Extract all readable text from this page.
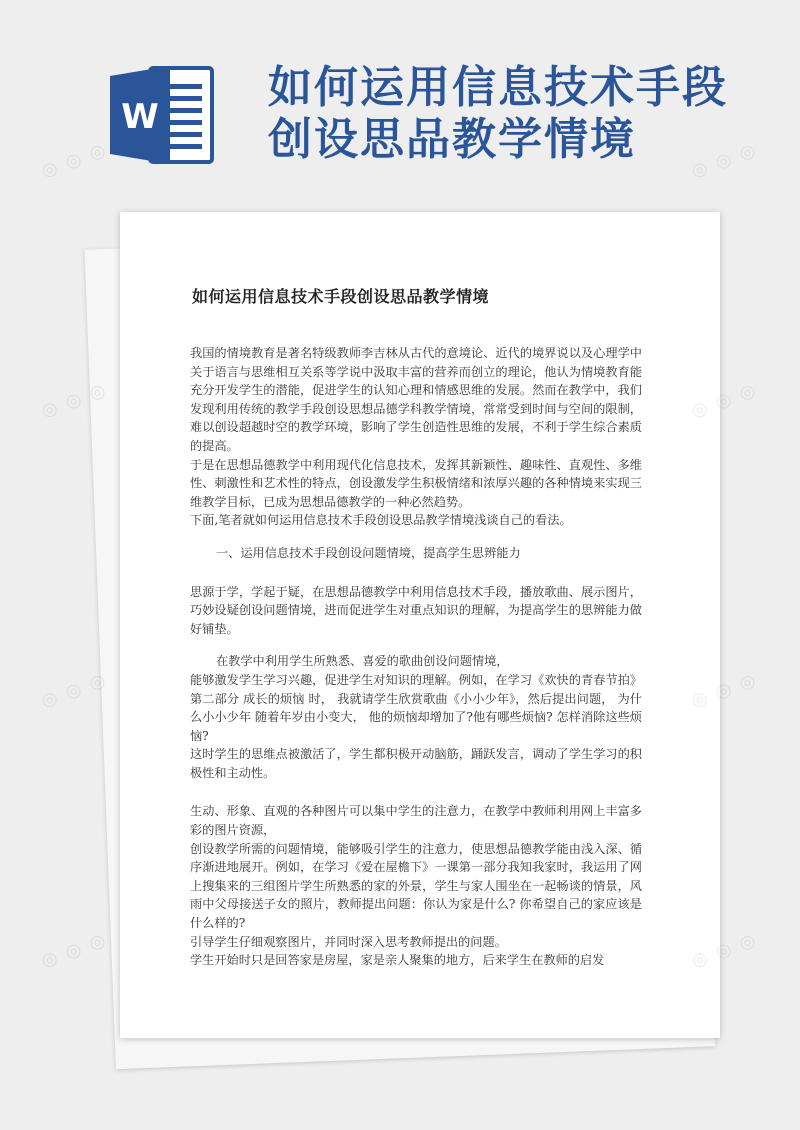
W
如何运用信息技术手段
创设思品教学情境
如何运用信息技术手段创设思品教学情境

我国的情境教育是著名特级教师李吉林从古代的意境论、近代的境界说以及心理学中关于语言与思维相互关系等学说中汲取丰富的营养而创立的理论，他认为情境教育能充分开发学生的潜能，促进学生的认知心理和情感思维的发展。然而在教学中，我们发现利用传统的教学手段创设思想品德学科教学情境，常常受到时间与空间的限制，难以创设超越时空的教学环境，影响了学生创造性思维的发展，不利于学生综合素质的提高。

于是在思想品德教学中利用现代化信息技术，发挥其新颖性、趣味性、直观性、多维性、刺激性和艺术性的特点，创设激发学生积极情绪和浓厚兴趣的各种情境来实现三维教学目标，已成为思想品德教学的一种必然趋势。

下面,笔者就如何运用信息技术手段创设思品教学情境浅谈自己的看法。

一、运用信息技术手段创设问题情境，提高学生思辨能力

思源于学，学起于疑，在思想品德教学中利用信息技术手段，播放歌曲、展示图片，巧妙设疑创设问题情境，进而促进学生对重点知识的理解，为提高学生的思辨能力做好铺垫。

在教学中利用学生所熟悉、喜爱的歌曲创设问题情境，

能够激发学生学习兴趣，促进学生对知识的理解。例如，在学习《欢快的青春节拍》第二部分 成长的烦恼 时， 我就请学生欣赏歌曲《小小少年》，然后提出问题， 为什么小小少年 随着年岁由小变大， 他的烦恼却增加了?他有哪些烦恼? 怎样消除这些烦恼?

这时学生的思维点被激活了，学生都积极开动脑筋，踊跃发言，调动了学生学习的积极性和主动性。

生动、形象、直观的各种图片可以集中学生的注意力，在教学中教师利用网上丰富多彩的图片资源，

创设教学所需的问题情境，能够吸引学生的注意力，使思想品德教学能由浅入深、循序渐进地展开。例如，在学习《爱在屋檐下》一课第一部分我知我家时，我运用了网上搜集来的三组图片学生所熟悉的家的外景，学生与家人围坐在一起畅谈的情景，风雨中父母接送子女的照片，教师提出问题：你认为家是什么? 你希望自己的家应该是什么样的?

引导学生仔细观察图片，并同时深入思考教师提出的问题。

学生开始时只是回答家是房屋，家是亲人聚集的地方，后来学生在教师的启发

◎ ◎ ◎	◎ ◎ ◎
◎ ◎ ◎	◎ ◎ ◎
◎ ◎ ◎	◎ ◎ ◎
◎ ◎ ◎	◎ ◎ ◎
